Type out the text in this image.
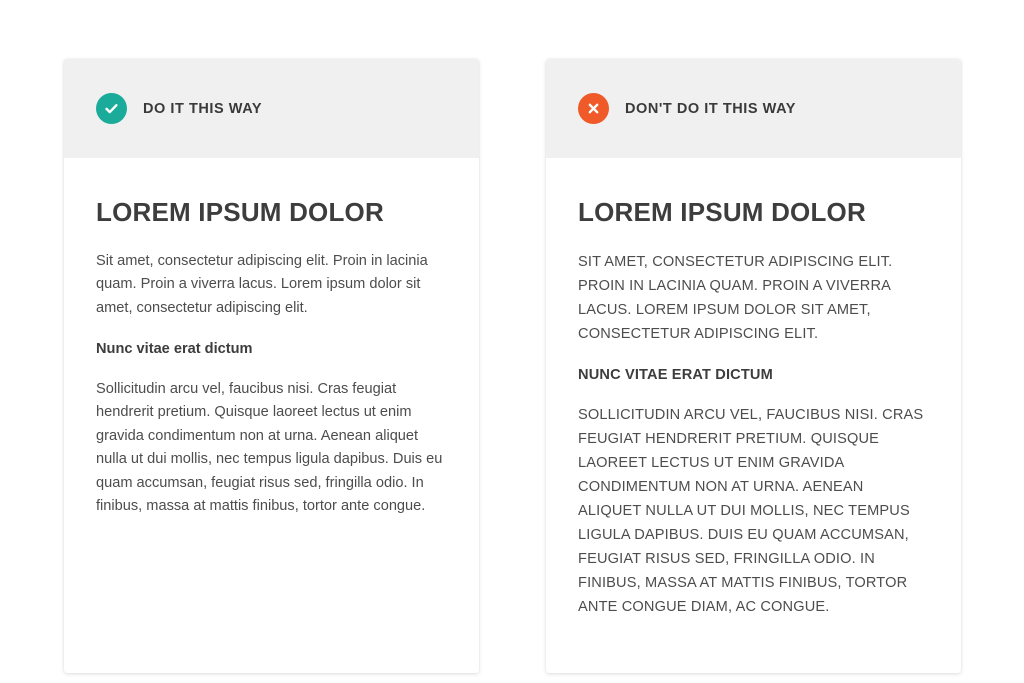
DO IT THIS WAY
LOREM IPSUM DOLOR

Sit amet, consectetur adipiscing elit. Proin in lacinia quam. Proin a viverra lacus. Lorem ipsum dolor sit amet, consectetur adipiscing elit.

Nunc vitae erat dictum

Sollicitudin arcu vel, faucibus nisi. Cras feugiat hendrerit pretium. Quisque laoreet lectus ut enim gravida condimentum non at urna. Aenean aliquet nulla ut dui mollis, nec tempus ligula dapibus. Duis eu quam accumsan, feugiat risus sed, fringilla odio. In finibus, massa at mattis finibus, tortor ante congue.

DON'T DO IT THIS WAY
LOREM IPSUM DOLOR

SIT AMET, CONSECTETUR ADIPISCING ELIT. PROIN IN LACINIA QUAM. PROIN A VIVERRA LACUS. LOREM IPSUM DOLOR SIT AMET, CONSECTETUR ADIPISCING ELIT.

NUNC VITAE ERAT DICTUM

SOLLICITUDIN ARCU VEL, FAUCIBUS NISI. CRAS FEUGIAT HENDRERIT PRETIUM. QUISQUE LAOREET LECTUS UT ENIM GRAVIDA CONDIMENTUM NON AT URNA. AENEAN ALIQUET NULLA UT DUI MOLLIS, NEC TEMPUS LIGULA DAPIBUS. DUIS EU QUAM ACCUMSAN, FEUGIAT RISUS SED, FRINGILLA ODIO. IN FINIBUS, MASSA AT MATTIS FINIBUS, TORTOR ANTE CONGUE DIAM, AC CONGUE.
